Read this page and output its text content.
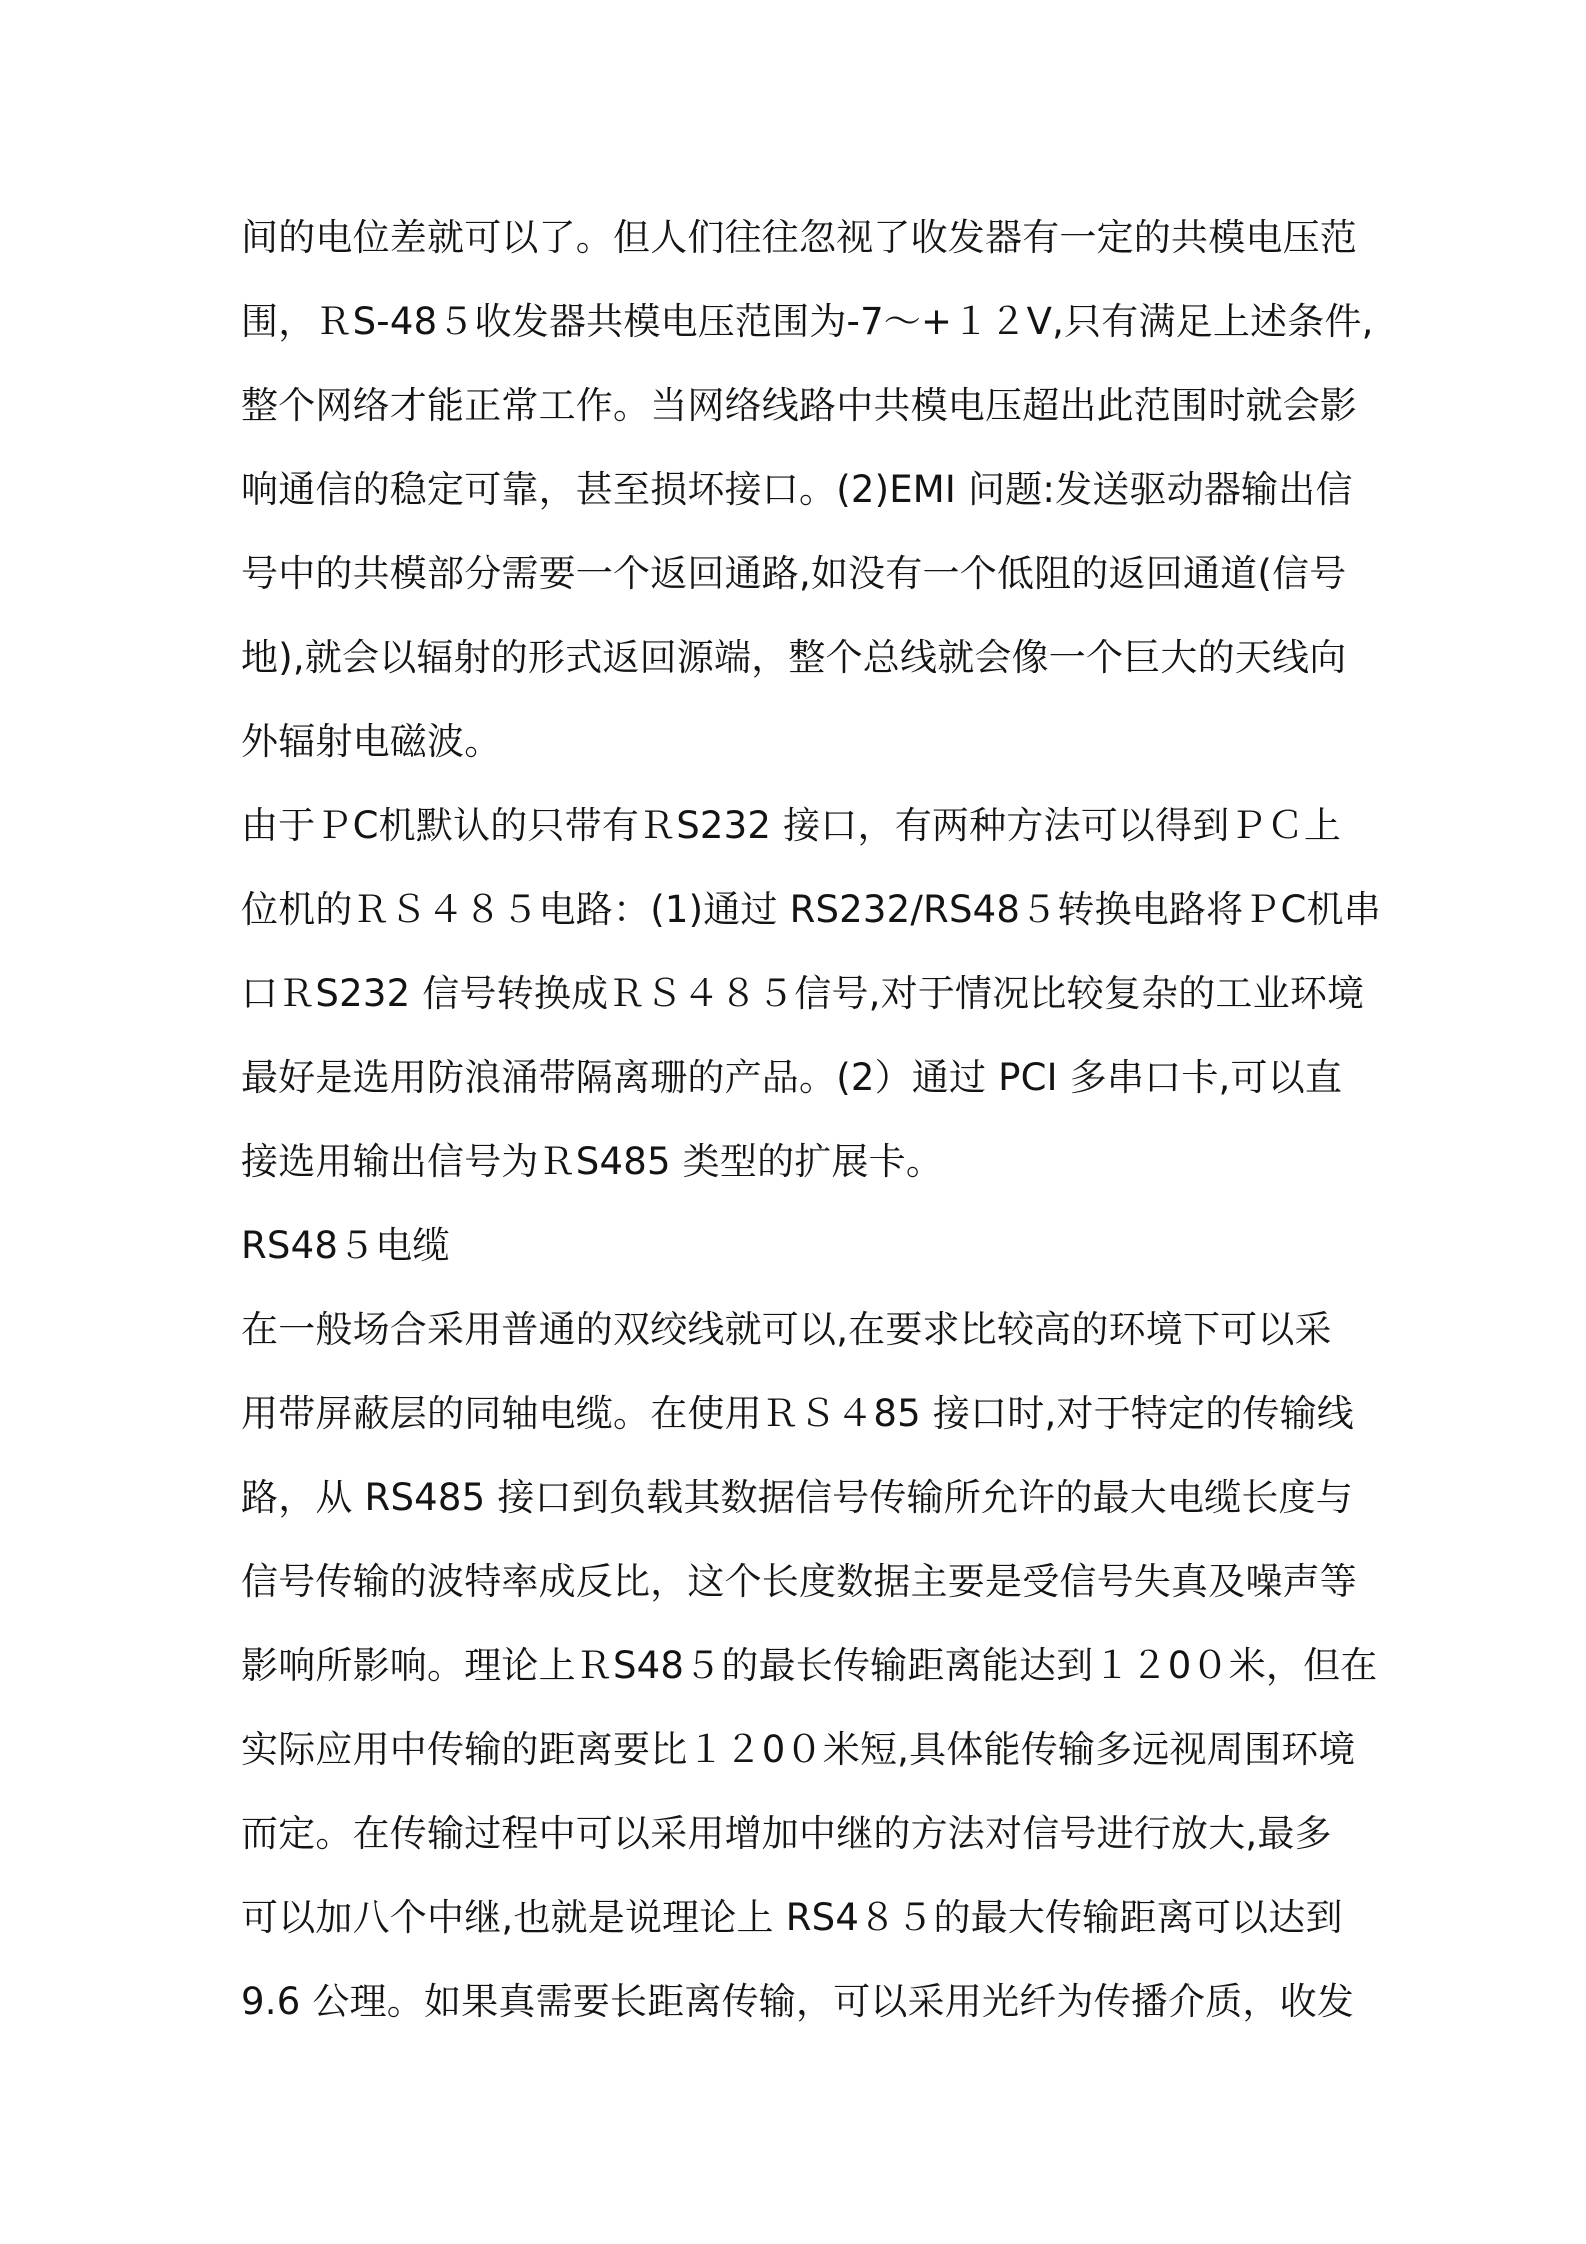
间的电位差就可以了。但人们往往忽视了收发器有一定的共模电压范
围，ＲS-48５收发器共模电压范围为-7～+１２V,只有满足上述条件,
整个网络才能正常工作。当网络线路中共模电压超出此范围时就会影
响通信的稳定可靠，甚至损坏接口。(2)EMI 问题:发送驱动器输出信
号中的共模部分需要一个返回通路,如没有一个低阻的返回通道(信号
地),就会以辐射的形式返回源端，整个总线就会像一个巨大的天线向
外辐射电磁波。
由于ＰC机默认的只带有ＲS232 接口，有两种方法可以得到ＰＣ上
位机的ＲＳ４８５电路：(1)通过 RS232/RS48５转换电路将ＰC机串
口ＲS232 信号转换成ＲＳ４８５信号,对于情况比较复杂的工业环境
最好是选用防浪涌带隔离珊的产品。(2）通过 PCI 多串口卡,可以直
接选用输出信号为ＲS485 类型的扩展卡。
RS48５电缆
在一般场合采用普通的双绞线就可以,在要求比较高的环境下可以采
用带屏蔽层的同轴电缆。在使用ＲＳ４85 接口时,对于特定的传输线
路，从 RS485 接口到负载其数据信号传输所允许的最大电缆长度与
信号传输的波特率成反比，这个长度数据主要是受信号失真及噪声等
影响所影响。理论上ＲS48５的最长传输距离能达到１２0０米，但在
实际应用中传输的距离要比１２0０米短,具体能传输多远视周围环境
而定。在传输过程中可以采用增加中继的方法对信号进行放大,最多
可以加八个中继,也就是说理论上 RS4８５的最大传输距离可以达到
9.6 公理。如果真需要长距离传输，可以采用光纤为传播介质，收发
